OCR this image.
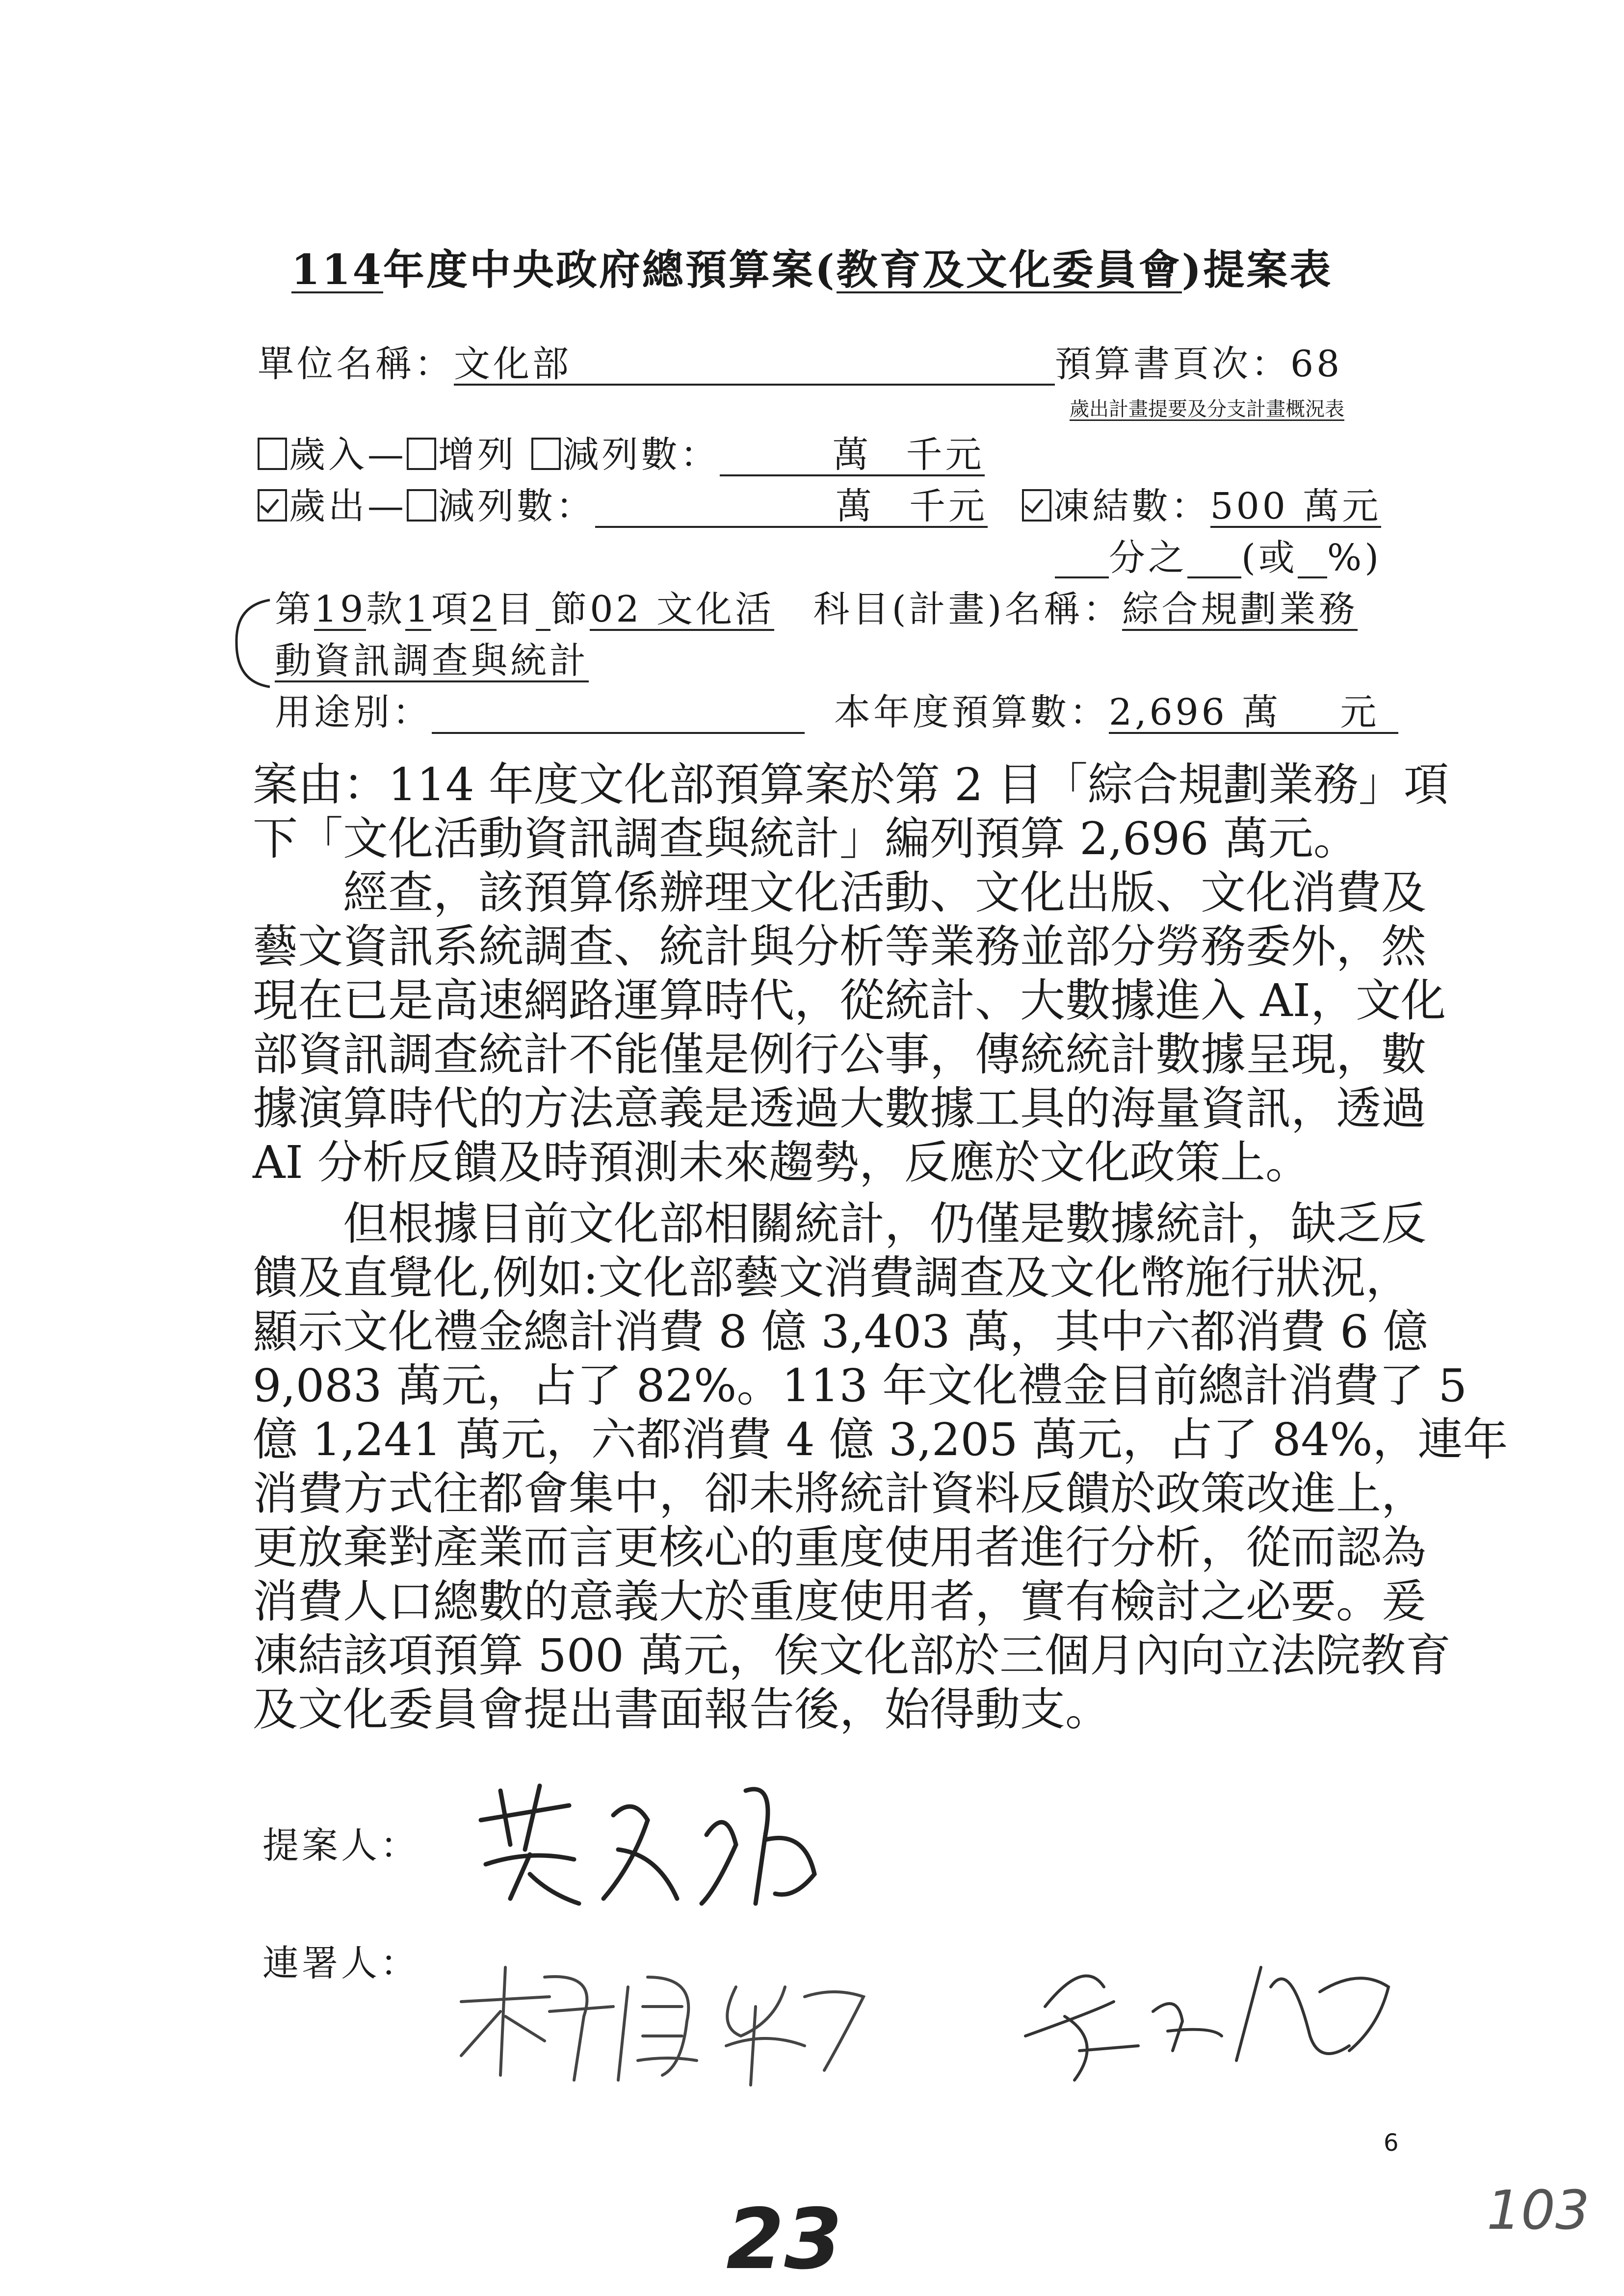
114年度中央政府總預算案(教育及文化委員會)提案表
單位名稱：文化部	預算書頁次：68
歲出計畫提要及分支計畫概況表
歲入— 增列 減列數：	萬 千元
歲出— 減列數：	萬 千元 凍結數：500 萬元
分之 (或 %)
第19款1項2目 節02 文化活 科目(計畫)名稱：綜合規劃業務
動資訊調查與統計
用途別：	本年度預算數：2,696 萬 元
案由：114 年度文化部預算案於第 2 目「綜合規劃業務」項
下「文化活動資訊調查與統計」編列預算 2,696 萬元。
　　經查，該預算係辦理文化活動、文化出版、文化消費及
藝文資訊系統調查、統計與分析等業務並部分勞務委外，然
現在已是高速網路運算時代，從統計、大數據進入 AI，文化
部資訊調查統計不能僅是例行公事，傳統統計數據呈現，數
據演算時代的方法意義是透過大數據工具的海量資訊，透過
AI 分析反饋及時預測未來趨勢，反應於文化政策上。
　　但根據目前文化部相關統計，仍僅是數據統計，缺乏反
饋及直覺化,例如:文化部藝文消費調查及文化幣施行狀況，
顯示文化禮金總計消費 8 億 3,403 萬，其中六都消費 6 億
9,083 萬元，占了 82%。113 年文化禮金目前總計消費了 5
億 1,241 萬元，六都消費 4 億 3,205 萬元，占了 84%，連年
消費方式往都會集中，卻未將統計資料反饋於政策改進上，
更放棄對產業而言更核心的重度使用者進行分析，從而認為
消費人口總數的意義大於重度使用者，實有檢討之必要。爰
凍結該項預算 500 萬元，俟文化部於三個月內向立法院教育
及文化委員會提出書面報告後，始得動支。
提案人：
連署人：
6
23	103
